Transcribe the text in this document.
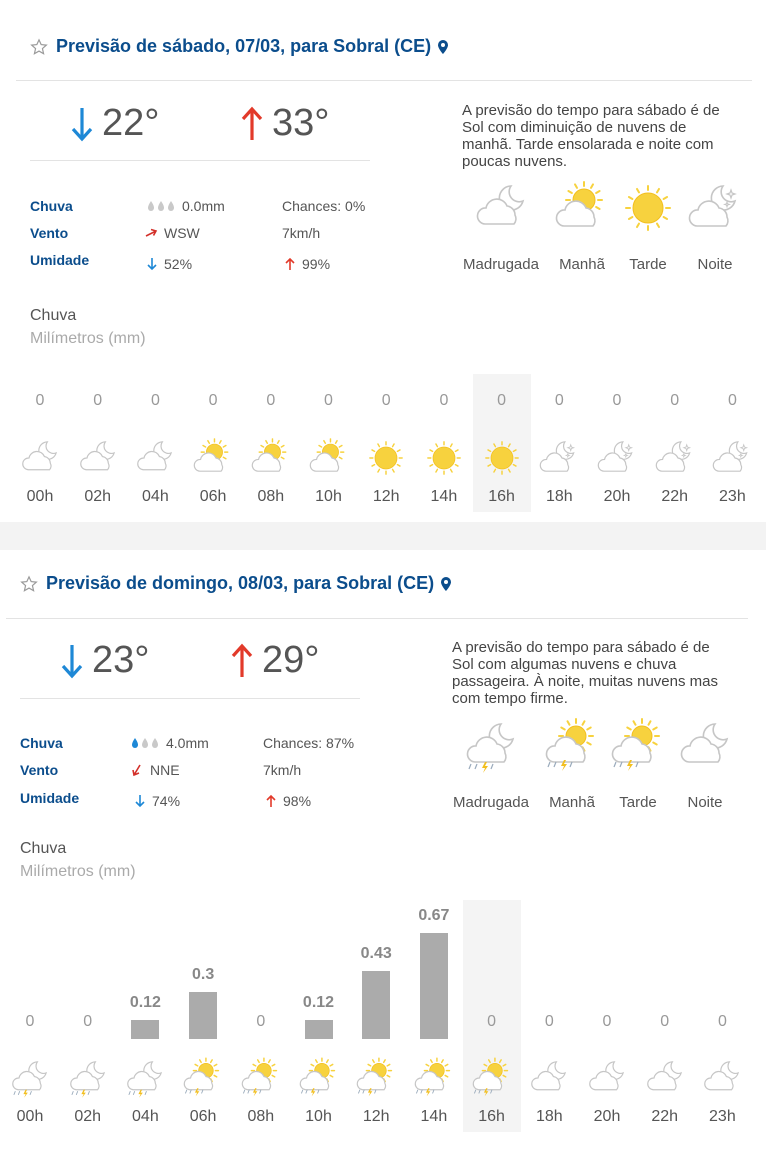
Previsão de sábado, 07/03, para Sobral (CE)
22°	33°	A previsão do tempo para sábado é de Sol com diminuição de nuvens de manhã. Tarde ensolarada e noite com poucas nuvens.
Chuva	0.0mm	Chances: 0%
Vento	WSW	7km/h
Umidade	52%	99%	Madrugada	Manhã	Tarde	Noite
Chuva
Milímetros (mm)
0
00h
0
02h
0
04h
0
06h
0
08h
0
10h
0
12h
0
14h
0
16h
0
18h
0
20h
0
22h
0
23h
Previsão de domingo, 08/03, para Sobral (CE)
23°	29°	A previsão do tempo para sábado é de Sol com algumas nuvens e chuva passageira. À noite, muitas nuvens mas com tempo firme.
Chuva	4.0mm	Chances: 87%
Vento	NNE	7km/h
Umidade	74%	98%	Madrugada	Manhã	Tarde	Noite
Chuva
Milímetros (mm)
0
00h
0
02h
0.12
04h
0.3
06h
0
08h
0.12
10h
0.43
12h
0.67
14h
0
16h
0
18h
0
20h
0
22h
0
23h
